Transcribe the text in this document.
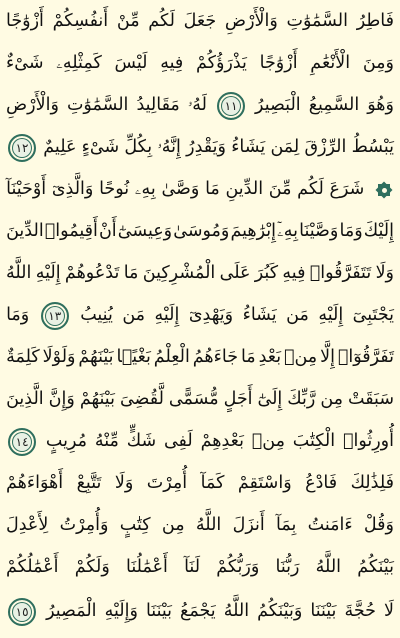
فَاطِرُ
السَّمَٰوَٰتِ
وَالْأَرْضِ
جَعَلَ
لَكُم
مِّنْ
أَنفُسِكُمْ
أَزْوَٰجًا
وَمِنَ
الْأَنْعَٰمِ
أَزْوَٰجًا
يَذْرَؤُكُمْ
فِيهِ
لَيْسَ
كَمِثْلِهِۦ
شَىْءٌ
وَهُوَ
السَّمِيعُ
الْبَصِيرُ
١١
لَهُۥ
مَقَالِيدُ
السَّمَٰوَٰتِ
وَالْأَرْضِ
يَبْسُطُ
الرِّزْقَ
لِمَن
يَشَاءُ
وَيَقْدِرُ
إِنَّهُۥ
بِكُلِّ
شَىْءٍ
عَلِيمٌ
١٢
شَرَعَ
لَكُم
مِّنَ
الدِّينِ
مَا
وَصَّىٰ
بِهِۦ
نُوحًا
وَالَّذِىٓ
أَوْحَيْنَآ
إِلَيْكَ
وَمَا
وَصَّيْنَا
بِهِۦٓ
إِبْرَٰهِيمَ
وَمُوسَىٰ
وَعِيسَىٰٓ
أَنْ
أَقِيمُوا۟
الدِّينَ
وَلَا
تَتَفَرَّقُوا۟
فِيهِ
كَبُرَ
عَلَى
الْمُشْرِكِينَ
مَا
تَدْعُوهُمْ
إِلَيْهِ
اللَّهُ
يَجْتَبِىٓ
إِلَيْهِ
مَن
يَشَاءُ
وَيَهْدِىٓ
إِلَيْهِ
مَن
يُنِيبُ
١٣
وَمَا
تَفَرَّقُوٓا۟
إِلَّا
مِنۢ
بَعْدِ
مَا
جَاءَهُمُ
الْعِلْمُ
بَغْيًۢا
بَيْنَهُمْ
وَلَوْلَا
كَلِمَةٌ
سَبَقَتْ
مِن
رَّبِّكَ
إِلَىٰٓ
أَجَلٍ
مُّسَمًّى
لَّقُضِىَ
بَيْنَهُمْ
وَإِنَّ
الَّذِينَ
أُورِثُوا۟
الْكِتَٰبَ
مِنۢ
بَعْدِهِمْ
لَفِى
شَكٍّ
مِّنْهُ
مُرِيبٍ
١٤
فَلِذَٰلِكَ
فَادْعُ
وَاسْتَقِمْ
كَمَآ
أُمِرْتَ
وَلَا
تَتَّبِعْ
أَهْوَاءَهُمْ
وَقُلْ
ءَامَنتُ
بِمَآ
أَنزَلَ
اللَّهُ
مِن
كِتَٰبٍ
وَأُمِرْتُ
لِأَعْدِلَ
بَيْنَكُمُ
اللَّهُ
رَبُّنَا
وَرَبُّكُمْ
لَنَآ
أَعْمَٰلُنَا
وَلَكُمْ
أَعْمَٰلُكُمْ
لَا
حُجَّةَ
بَيْنَنَا
وَبَيْنَكُمُ
اللَّهُ
يَجْمَعُ
بَيْنَنَا
وَإِلَيْهِ
الْمَصِيرُ
١٥
